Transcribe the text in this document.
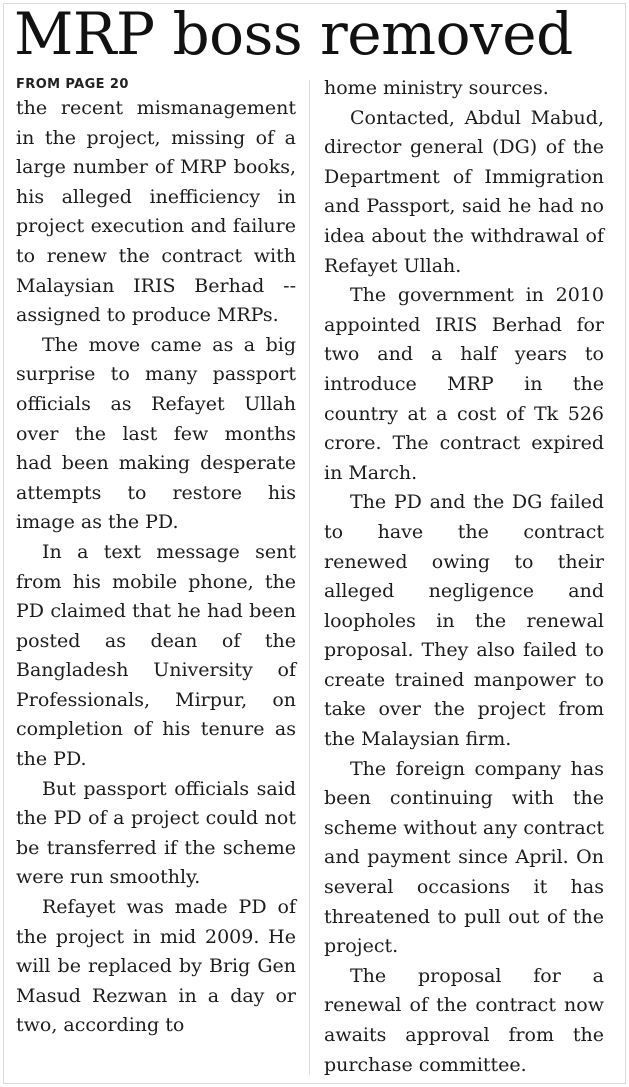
MRP boss removed
FROM PAGE 20

the recent mismanagement in the project, missing of a large number of MRP books, his alleged inefficiency in project execution and failure to renew the contract with Malaysian IRIS Berhad -- assigned to produce MRPs.

The move came as a big surprise to many passport officials as Refayet Ullah over the last few months had been making desperate attempts to restore his image as the PD.

In a text message sent from his mobile phone, the PD claimed that he had been posted as dean of the Bangladesh University of Professionals, Mirpur, on completion of his tenure as the PD.

But passport officials said the PD of a project could not be transferred if the scheme were run smoothly.

Refayet was made PD of the project in mid 2009. He will be replaced by Brig Gen Masud Rezwan in a day or two, according to

home ministry sources.

Contacted, Abdul Mabud, director general (DG) of the Department of Immigration and Passport, said he had no idea about the withdrawal of Refayet Ullah.

The government in 2010 appointed IRIS Berhad for two and a half years to introduce MRP in the country at a cost of Tk 526 crore. The contract expired in March.

The PD and the DG failed to have the contract renewed owing to their alleged negligence and loopholes in the renewal proposal. They also failed to create trained manpower to take over the project from the Malaysian firm.

The foreign company has been continuing with the scheme without any contract and payment since April. On several occasions it has threatened to pull out of the project.

The proposal for a renewal of the contract now awaits approval from the purchase committee.
